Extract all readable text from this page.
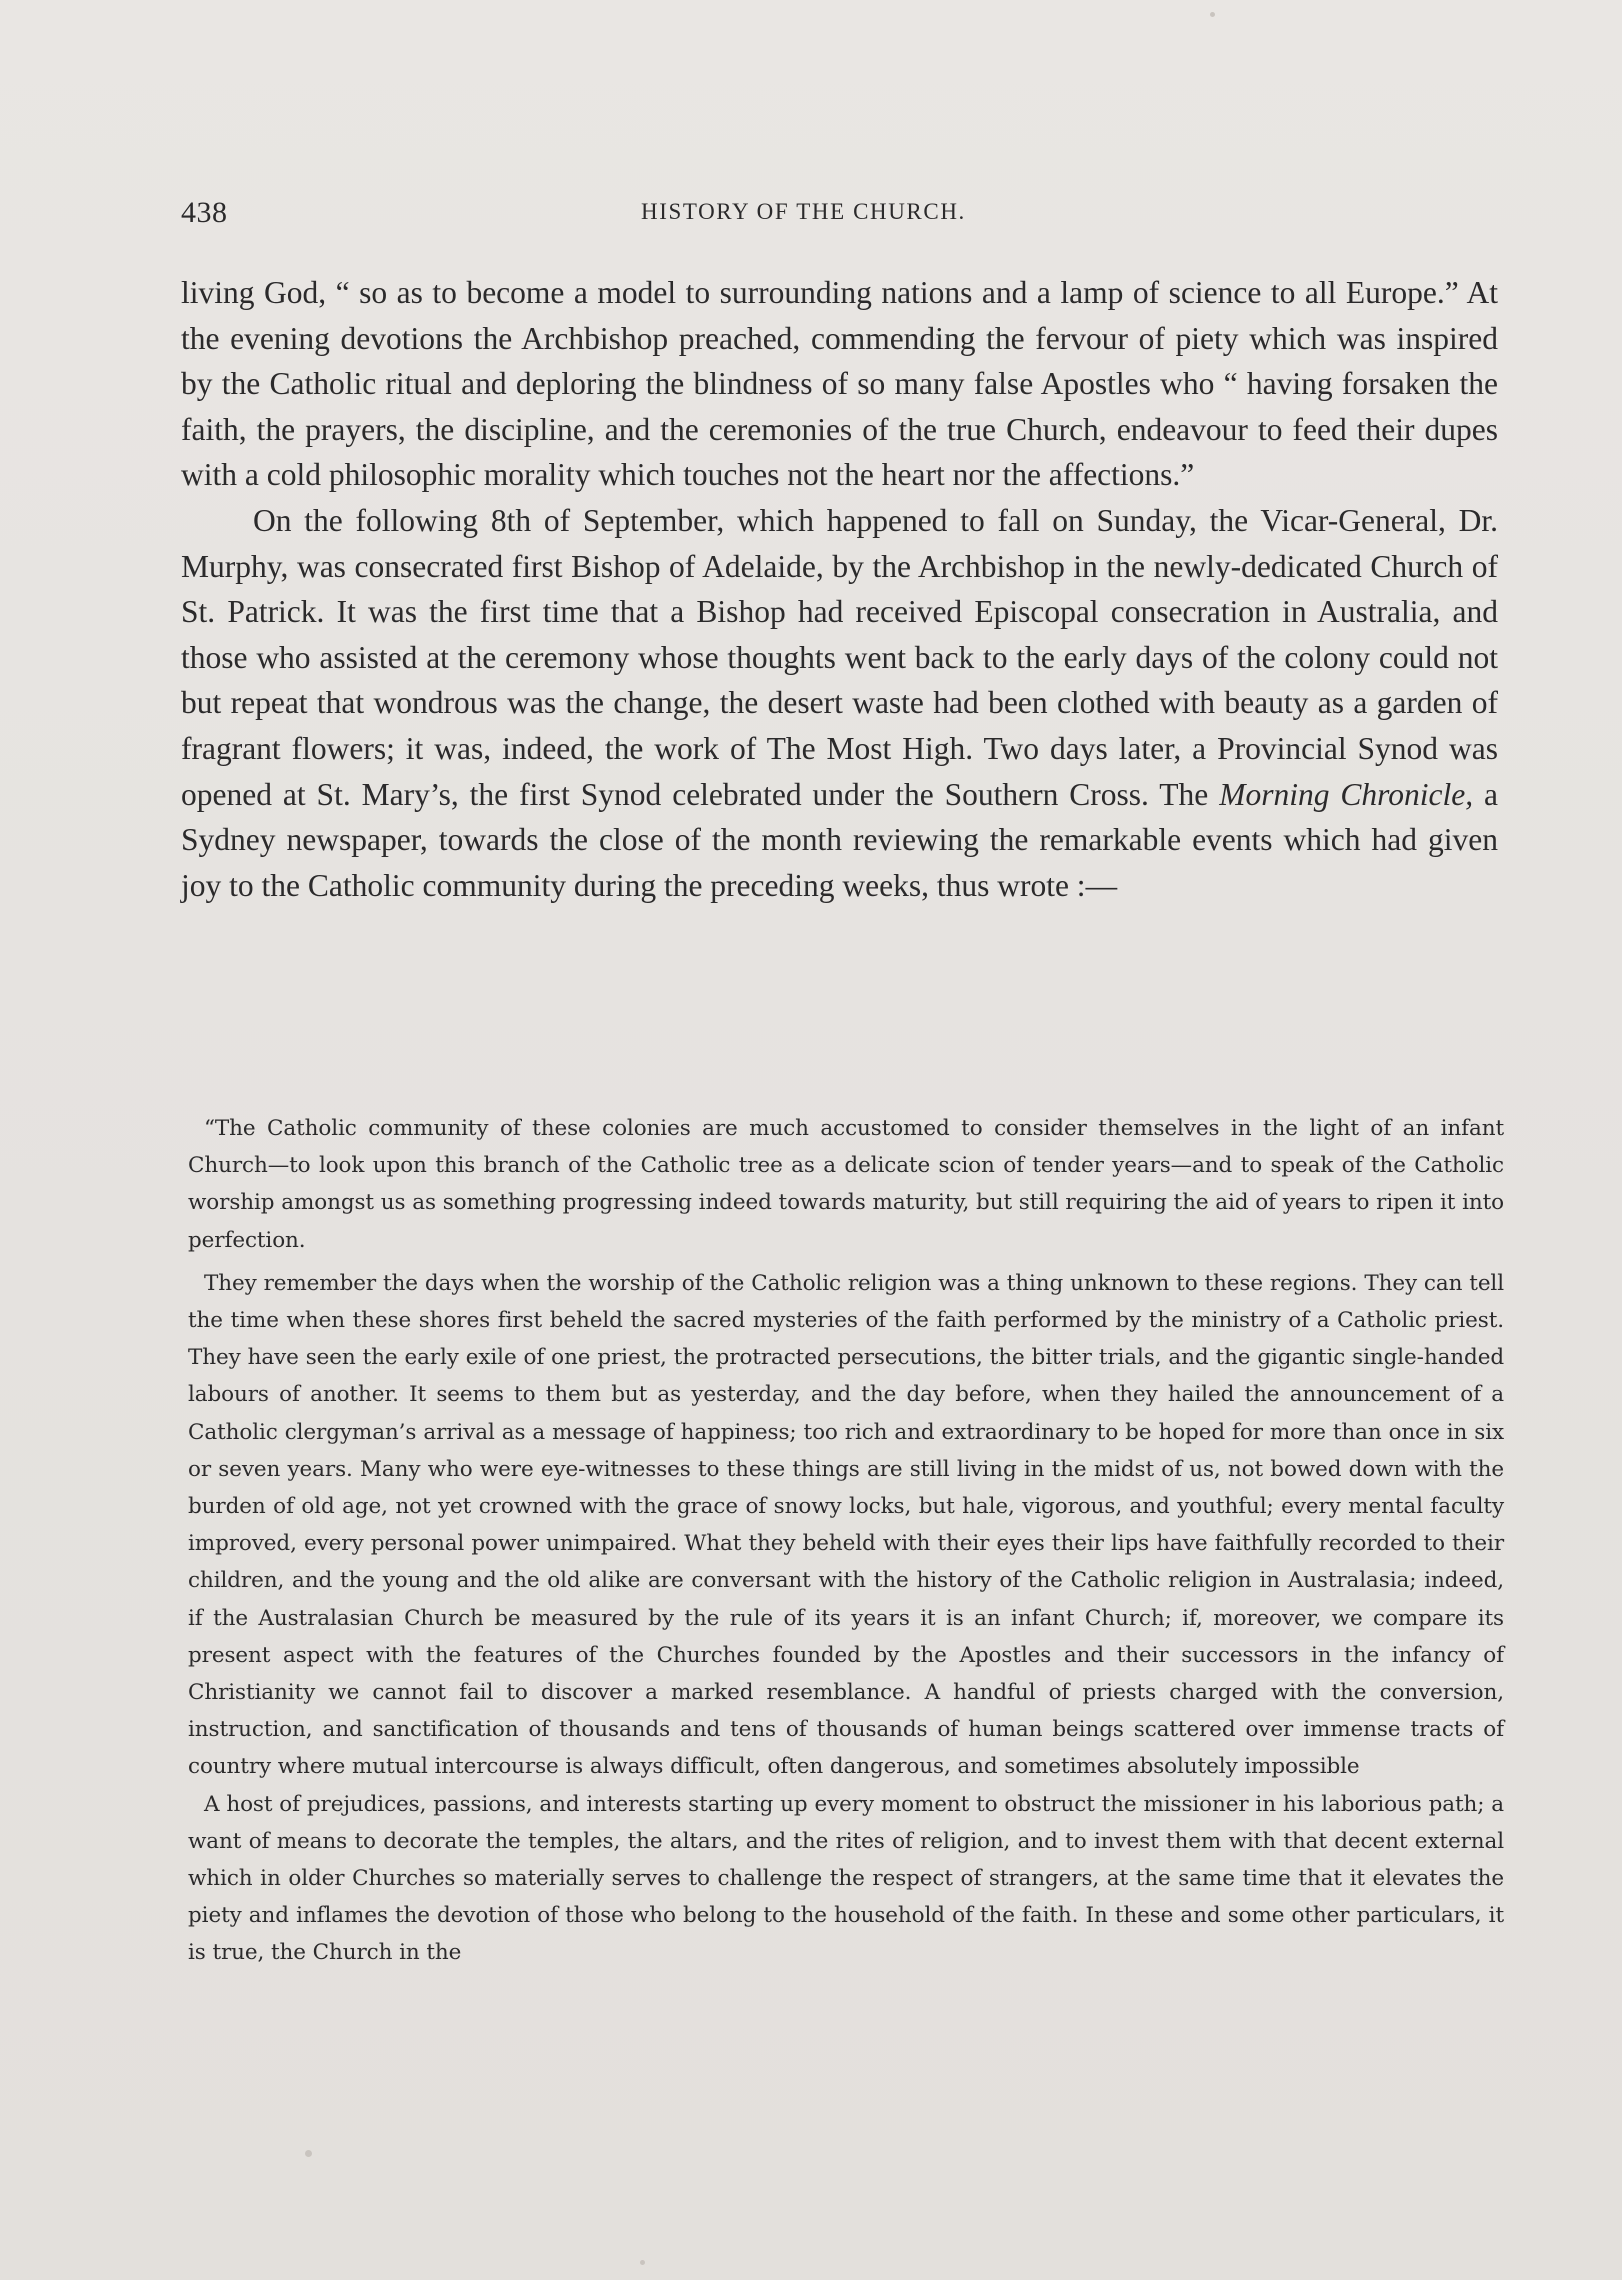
438	HISTORY OF THE CHURCH.

living God, “ so as to become a model to surrounding nations and a lamp of science to all Europe.” At the evening devotions the Archbishop preached, commending the fervour of piety which was inspired by the Catholic ritual and deploring the blindness of so many false Apostles who “ having forsaken the faith, the prayers, the discipline, and the ceremonies of the true Church, endeavour to feed their dupes with a cold philosophic morality which touches not the heart nor the affections.”

On the following 8th of September, which happened to fall on Sunday, the Vicar-General, Dr. Murphy, was consecrated first Bishop of Adelaide, by the Archbishop in the newly-dedicated Church of St. Patrick. It was the first time that a Bishop had received Episcopal consecration in Australia, and those who assisted at the ceremony whose thoughts went back to the early days of the colony could not but repeat that wondrous was the change, the desert waste had been clothed with beauty as a garden of fragrant flowers; it was, indeed, the work of The Most High. Two days later, a Provincial Synod was opened at St. Mary’s, the first Synod celebrated under the Southern Cross. The Morning Chronicle, a Sydney newspaper, towards the close of the month reviewing the remarkable events which had given joy to the Catholic community during the preceding weeks, thus wrote :—

“The Catholic community of these colonies are much accustomed to consider themselves in the light of an infant Church—to look upon this branch of the Catholic tree as a delicate scion of tender years—and to speak of the Catholic worship amongst us as something progressing indeed towards maturity, but still requiring the aid of years to ripen it into perfection.

They remember the days when the worship of the Catholic religion was a thing unknown to these regions. They can tell the time when these shores first beheld the sacred mysteries of the faith performed by the ministry of a Catholic priest. They have seen the early exile of one priest, the protracted persecutions, the bitter trials, and the gigantic single-handed labours of another. It seems to them but as yesterday, and the day before, when they hailed the announcement of a Catholic clergyman’s arrival as a message of happiness; too rich and extraordinary to be hoped for more than once in six or seven years. Many who were eye-witnesses to these things are still living in the midst of us, not bowed down with the burden of old age, not yet crowned with the grace of snowy locks, but hale, vigorous, and youthful; every mental faculty improved, every personal power unimpaired. What they beheld with their eyes their lips have faithfully recorded to their children, and the young and the old alike are conversant with the history of the Catholic religion in Australasia; indeed, if the Australasian Church be measured by the rule of its years it is an infant Church; if, moreover, we compare its present aspect with the features of the Churches founded by the Apostles and their successors in the infancy of Christianity we cannot fail to discover a marked resemblance. A handful of priests charged with the conversion, instruction, and sanctification of thousands and tens of thousands of human beings scattered over immense tracts of country where mutual intercourse is always difficult, often dangerous, and sometimes absolutely impossible

A host of prejudices, passions, and interests starting up every moment to obstruct the missioner in his laborious path; a want of means to decorate the temples, the altars, and the rites of religion, and to invest them with that decent external which in older Churches so materially serves to challenge the respect of strangers, at the same time that it elevates the piety and inflames the devotion of those who belong to the household of the faith. In these and some other particulars, it is true, the Church in the
